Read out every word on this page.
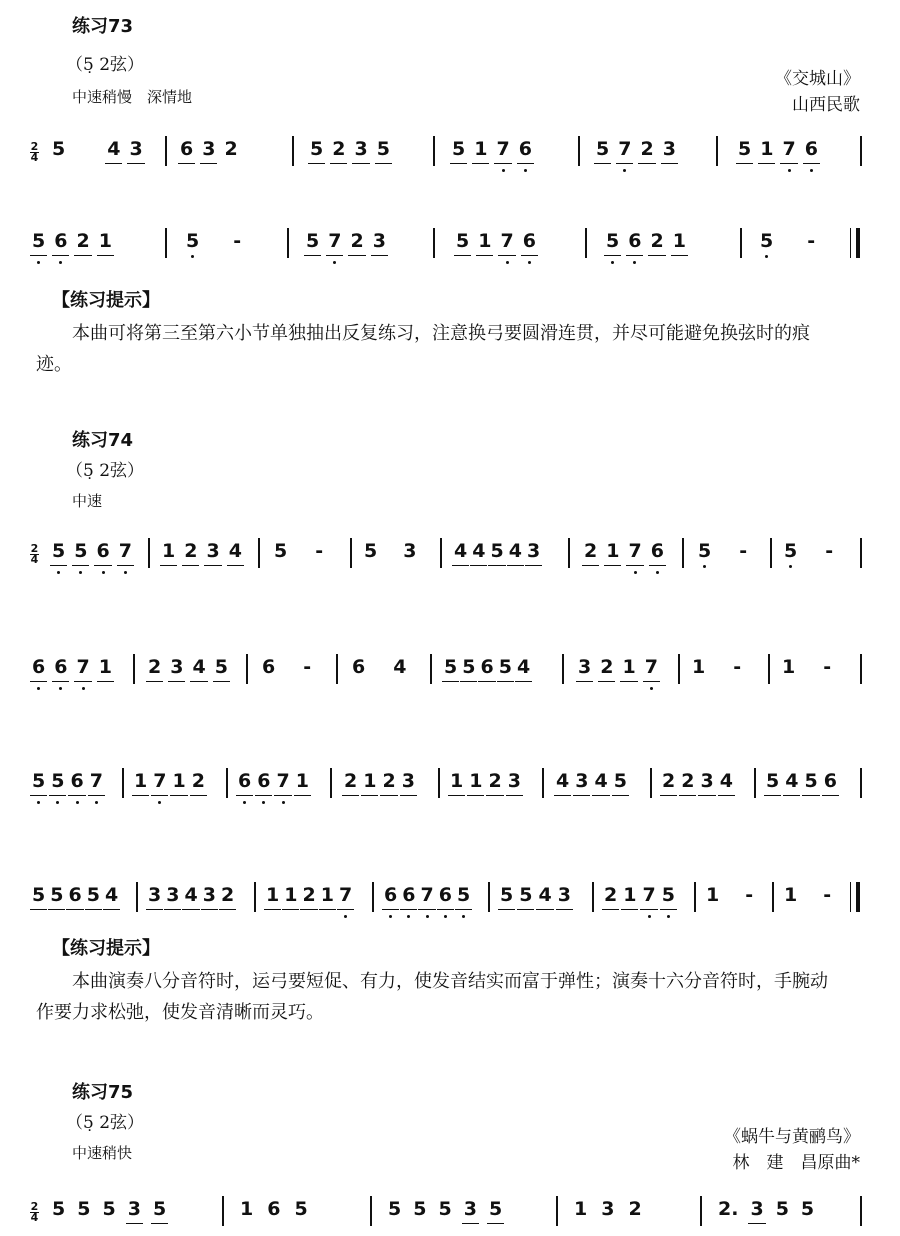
练习73
（5̣ 2弦）
中速稍慢　深情地
《交城山》
山西民歌
2
4 5 4 3 6 3 2	5 2 3 5	5 1 7 6	5 7 2 3	5 1 7 6
5 6 2 1	5 -	5 7 2 3	5 1 7 6	5 6 2 1	5 -
【练习提示】
本曲可将第三至第六小节单独抽出反复练习，注意换弓要圆滑连贯，并尽可能避免换弦时的痕迹。
练习74
（5̣ 2弦）
中速
2
4 5 5 6 7 1 2 3 4 5 - 5 3 4 4 5 4 3 2 1 7 6 5 - 5 -
6 6 7 1 2 3 4 5 6 - 6 4 5 5 6 5 4	3 2 1 7 1 - 1 -
5 5 6 7 1 7 1 2 6 6 7 1 2 1 2 3 1 1 2 3 4 3 4 5 2 2 3 4 5 4 5 6
5 5 6 5 4 3 3 4 3 2 1 1 2 1 7 6 6 7 6 5 5 5 4 3 2 1 7 5 1 - 1 -
【练习提示】
本曲演奏八分音符时，运弓要短促、有力，使发音结实而富于弹性；演奏十六分音符时，手腕动作要力求松弛，使发音清晰而灵巧。
练习75
（5̣ 2弦）
中速稍快
《蜗牛与黄鹂鸟》
林　建　昌原曲*
2
4 5 5 5 3 5	1 6 5	5 5 5 3 5	1 3 2	2. 3 5 5
